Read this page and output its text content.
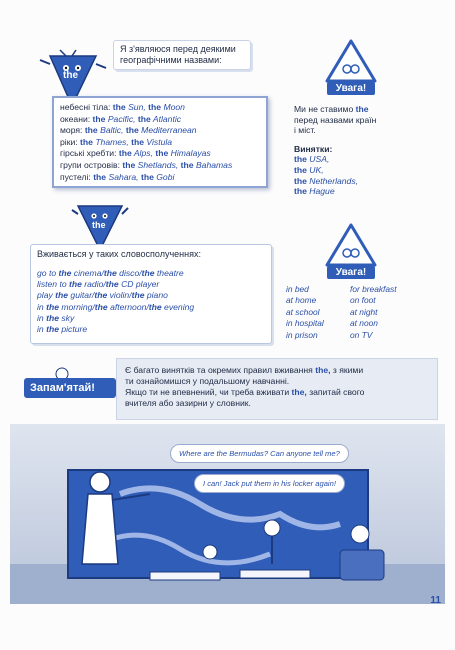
the
Я з'являюся перед деякими
географічними назвами:
небесні тіла: the Sun, the Moon
океани: the Pacific, the Atlantic
моря: the Baltic, the Mediterranean
ріки: the Thames, the Vistula
гірські хребти: the Alps, the Himalayas
групи островів: the Shetlands, the Bahamas
пустелі: the Sahara, the Gobi
Увага!
Ми не ставимо the
перед назвами країн
і міст.
Винятки:
the USA,
the UK,
the Netherlands,
the Hague
the
Вживається у таких словосполученнях:
go to the cinema/the disco/the theatre
listen to the radio/the CD player
play the guitar/the violin/the piano
in the morning/the afternoon/the evening
in the sky
in the picture
Увага!
in bed
at home
at school
in hospital
in prison
for breakfast
on foot
at night
at noon
on TV
Запам'ятай!
Є багато винятків та окремих правил вживання the, з якими
ти ознайомишся у подальшому навчанні.
Якщо ти не впевнений, чи треба вживати the, запитай свого
вчителя або зазирни у словник.
Where are the Bermudas? Can anyone tell me?
I can! Jack put them in his locker again!
11
